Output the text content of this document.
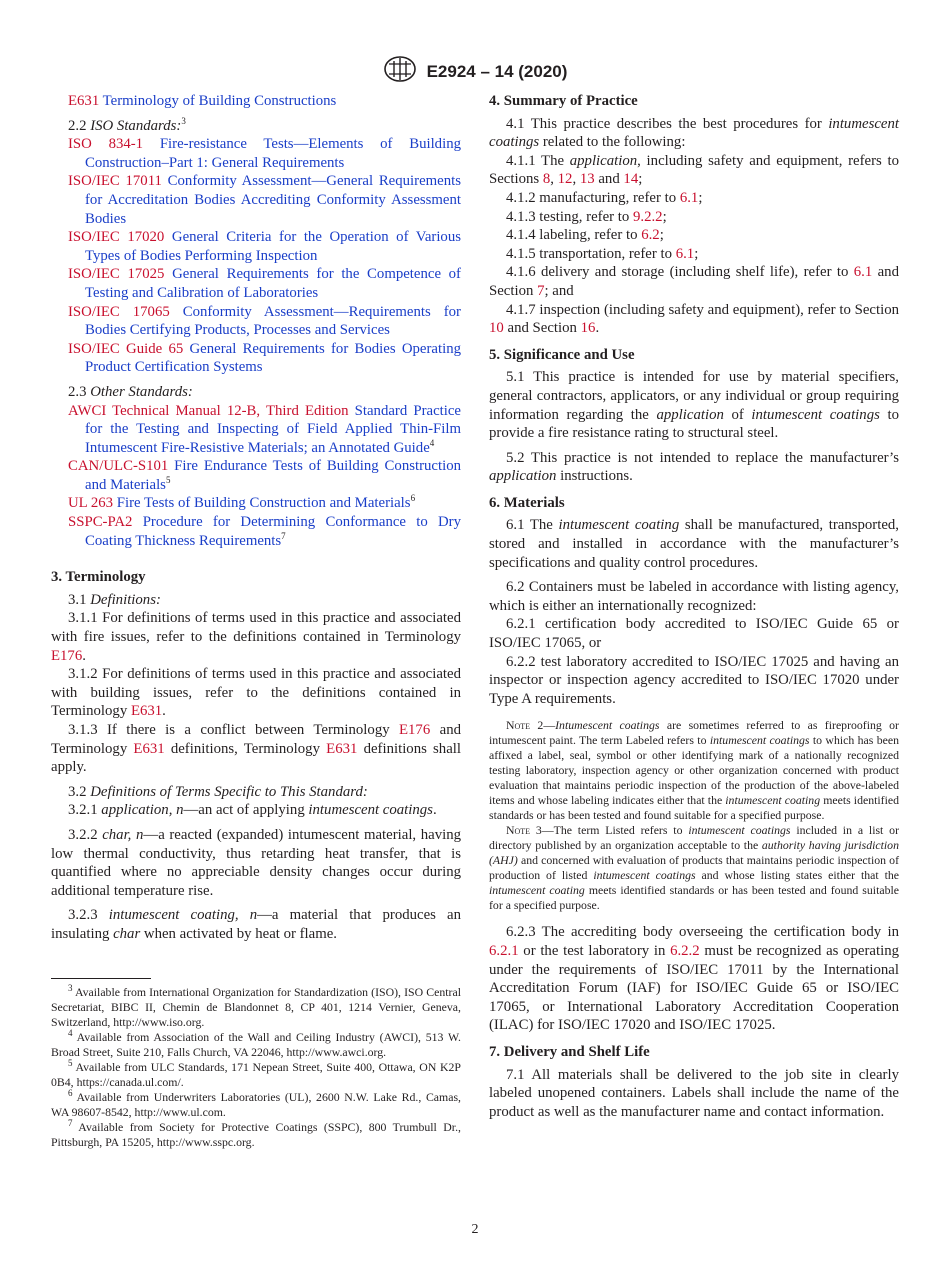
E2924 – 14 (2020)

E631 Terminology of Building Constructions

2.2 ISO Standards:$^3$

ISO 834-1 Fire-resistance Tests—Elements of Building Construction–Part 1: General Requirements

ISO/IEC 17011 Conformity Assessment—General Requirements for Accreditation Bodies Accrediting Conformity Assessment Bodies

ISO/IEC 17020 General Criteria for the Operation of Various Types of Bodies Performing Inspection

ISO/IEC 17025 General Requirements for the Competence of Testing and Calibration of Laboratories

ISO/IEC 17065 Conformity Assessment—Requirements for Bodies Certifying Products, Processes and Services

ISO/IEC Guide 65 General Requirements for Bodies Operating Product Certification Systems

2.3 Other Standards:

AWCI Technical Manual 12-B, Third Edition Standard Practice for the Testing and Inspecting of Field Applied Thin-Film Intumescent Fire-Resistive Materials; an Annotated Guide$^4$

CAN/ULC-S101 Fire Endurance Tests of Building Construction and Materials$^5$

UL 263 Fire Tests of Building Construction and Materials$^6$

SSPC-PA2 Procedure for Determining Conformance to Dry Coating Thickness Requirements$^7$

3. Terminology

3.1 Definitions:

3.1.1 For definitions of terms used in this practice and associated with fire issues, refer to the definitions contained in Terminology E176.

3.1.2 For definitions of terms used in this practice and associated with building issues, refer to the definitions contained in Terminology E631.

3.1.3 If there is a conflict between Terminology E176 and Terminology E631 definitions, Terminology E631 definitions shall apply.

3.2 Definitions of Terms Specific to This Standard:

3.2.1 application, n—an act of applying intumescent coatings.

3.2.2 char, n—a reacted (expanded) intumescent material, having low thermal conductivity, thus retarding heat transfer, that is quantified where no appreciable density changes occur during additional temperature rise.

3.2.3 intumescent coating, n—a material that produces an insulating char when activated by heat or flame.

$^3$ Available from International Organization for Standardization (ISO), ISO Central Secretariat, BIBC II, Chemin de Blandonnet 8, CP 401, 1214 Vernier, Geneva, Switzerland, http://www.iso.org.

$^4$ Available from Association of the Wall and Ceiling Industry (AWCI), 513 W. Broad Street, Suite 210, Falls Church, VA 22046, http://www.awci.org.

$^5$ Available from ULC Standards, 171 Nepean Street, Suite 400, Ottawa, ON K2P 0B4, https://canada.ul.com/.

$^6$ Available from Underwriters Laboratories (UL), 2600 N.W. Lake Rd., Camas, WA 98607-8542, http://www.ul.com.

$^7$ Available from Society for Protective Coatings (SSPC), 800 Trumbull Dr., Pittsburgh, PA 15205, http://www.sspc.org.

4. Summary of Practice

4.1 This practice describes the best procedures for intumescent coatings related to the following:

4.1.1 The application, including safety and equipment, refers to Sections 8, 12, 13 and 14;

4.1.2 manufacturing, refer to 6.1;

4.1.3 testing, refer to 9.2.2;

4.1.4 labeling, refer to 6.2;

4.1.5 transportation, refer to 6.1;

4.1.6 delivery and storage (including shelf life), refer to 6.1 and Section 7; and

4.1.7 inspection (including safety and equipment), refer to Section 10 and Section 16.

5. Significance and Use

5.1 This practice is intended for use by material specifiers, general contractors, applicators, or any individual or group requiring information regarding the application of intumescent coatings to provide a fire resistance rating to structural steel.

5.2 This practice is not intended to replace the manufacturer’s application instructions.

6. Materials

6.1 The intumescent coating shall be manufactured, transported, stored and installed in accordance with the manufacturer’s specifications and quality control procedures.

6.2 Containers must be labeled in accordance with listing agency, which is either an internationally recognized:

6.2.1 certification body accredited to ISO/IEC Guide 65 or ISO/IEC 17065, or

6.2.2 test laboratory accredited to ISO/IEC 17025 and having an inspector or inspection agency accredited to ISO/IEC 17020 under Type A requirements.

Note 2—Intumescent coatings are sometimes referred to as fireproofing or intumescent paint. The term Labeled refers to intumescent coatings to which has been affixed a label, seal, symbol or other identifying mark of a nationally recognized testing laboratory, inspection agency or other organization concerned with product evaluation that maintains periodic inspection of the production of the above-labeled items and whose labeling indicates either that the intumescent coating meets identified standards or has been tested and found suitable for a specified purpose.

Note 3—The term Listed refers to intumescent coatings included in a list or directory published by an organization acceptable to the authority having jurisdiction (AHJ) and concerned with evaluation of products that maintains periodic inspection of production of listed intumescent coatings and whose listing states either that the intumescent coating meets identified standards or has been tested and found suitable for a specified purpose.

6.2.3 The accrediting body overseeing the certification body in 6.2.1 or the test laboratory in 6.2.2 must be recognized as operating under the requirements of ISO/IEC 17011 by the International Accreditation Forum (IAF) for ISO/IEC Guide 65 or ISO/IEC 17065, or International Laboratory Accreditation Cooperation (ILAC) for ISO/IEC 17020 and ISO/IEC 17025.

7. Delivery and Shelf Life

7.1 All materials shall be delivered to the job site in clearly labeled unopened containers. Labels shall include the name of the product as well as the manufacturer name and contact information.

2
